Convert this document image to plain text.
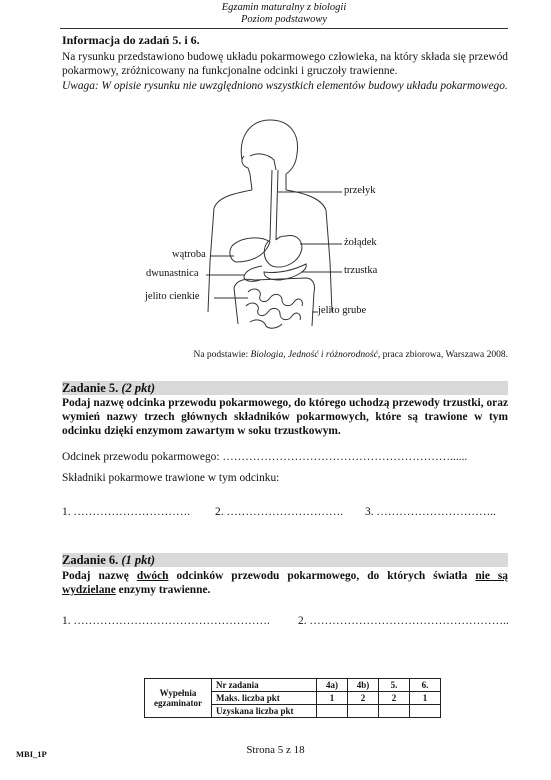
Egzamin maturalny z biologii
Poziom podstawowy
Informacja do zadań 5. i 6.
Na rysunku przedstawiono budowę układu pokarmowego człowieka, na który składa się przewód pokarmowy, zróżnicowany na funkcjonalne odcinki i gruczoły trawienne.
Uwaga: W opisie rysunku nie uwzględniono wszystkich elementów budowy układu pokarmowego.
przełyk
żołądek
wątroba
dwunastnica	trzustka
jelito cienkie
jelito grube
Na podstawie: Biologia, Jedność i różnorodność, praca zbiorowa, Warszawa 2008.
Zadanie 5. (2 pkt)
Podaj nazwę odcinka przewodu pokarmowego, do którego uchodzą przewody trzustki, oraz wymień nazwy trzech głównych składników pokarmowych, które są trawione w tym odcinku dzięki enzymom zawartym w soku trzustkowym.
Odcinek przewodu pokarmowego: ……………………………………………………......
Składniki pokarmowe trawione w tym odcinku:
1. …………………………. 2. …………………………. 3. …………………………..
Zadanie 6. (1 pkt)
Podaj nazwę dwóch odcinków przewodu pokarmowego, do których światła nie są wydzielane enzymy trawienne.
1. ……………………………………………. 2. ……………………………………………..
Wypełnia
egzaminator	Nr zadania	4a)	4b)	5.	6.
	Maks. liczba pkt	1	2	2	1
	Uzyskana liczba pkt				
MBI_1P	Strona 5 z 18
